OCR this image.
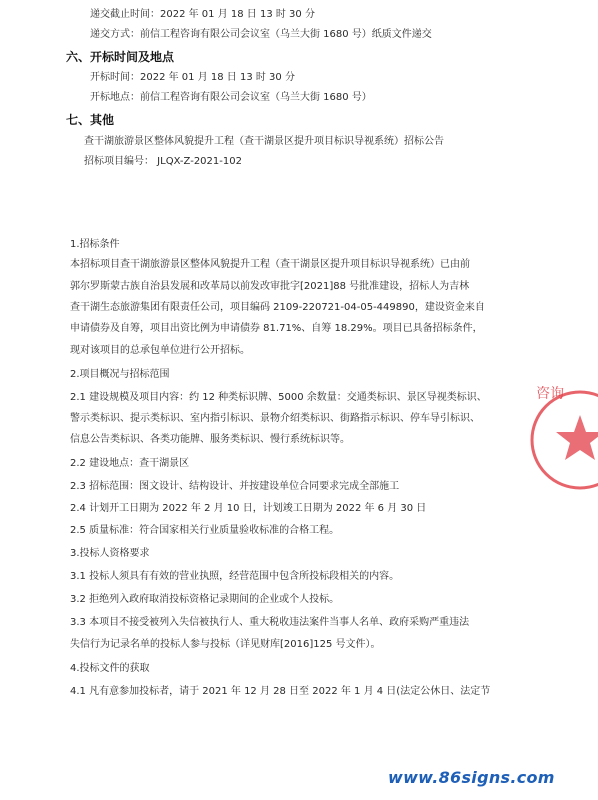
递交截止时间：2022 年 01 月 18 日 13 时 30 分
递交方式：前信工程咨询有限公司会议室（乌兰大街 1680 号）纸质文件递交
六、开标时间及地点
开标时间：2022 年 01 月 18 日 13 时 30 分
开标地点：前信工程咨询有限公司会议室（乌兰大街 1680 号）
七、其他
查干湖旅游景区整体风貌提升工程（查干湖景区提升项目标识导视系统）招标公告
招标项目编号： JLQX-Z-2021-102
1.招标条件
本招标项目查干湖旅游景区整体风貌提升工程（查干湖景区提升项目标识导视系统）已由前
郭尔罗斯蒙古族自治县发展和改革局以前发改审批字[2021]88 号批准建设，招标人为吉林
查干湖生态旅游集团有限责任公司，项目编码 2109-220721-04-05-449890，建设资金来自
申请债券及自筹，项目出资比例为申请债券 81.71%、自筹 18.29%。项目已具备招标条件，
现对该项目的总承包单位进行公开招标。
2.项目概况与招标范围
2.1 建设规模及项目内容：约 12 种类标识牌、5000 余数量：交通类标识、景区导视类标识、
警示类标识、提示类标识、室内指引标识、景物介绍类标识、街路指示标识、停车导引标识、
信息公告类标识、各类功能牌、服务类标识、慢行系统标识等。
2.2 建设地点：查干湖景区
2.3 招标范围：图文设计、结构设计、并按建设单位合同要求完成全部施工
2.4 计划开工日期为 2022 年 2 月 10 日，计划竣工日期为 2022 年 6 月 30 日
2.5 质量标准：符合国家相关行业质量验收标准的合格工程。
3.投标人资格要求
3.1 投标人须具有有效的营业执照，经营范围中包含所投标段相关的内容。
3.2 拒绝列入政府取消投标资格记录期间的企业或个人投标。
3.3 本项目不接受被列入失信被执行人、重大税收违法案件当事人名单、政府采购严重违法
失信行为记录名单的投标人参与投标（详见财库[2016]125 号文件）。
4.投标文件的获取
4.1 凡有意参加投标者，请于 2021 年 12 月 28 日至 2022 年 1 月 4 日(法定公休日、法定节
咨询
www.86signs.com
